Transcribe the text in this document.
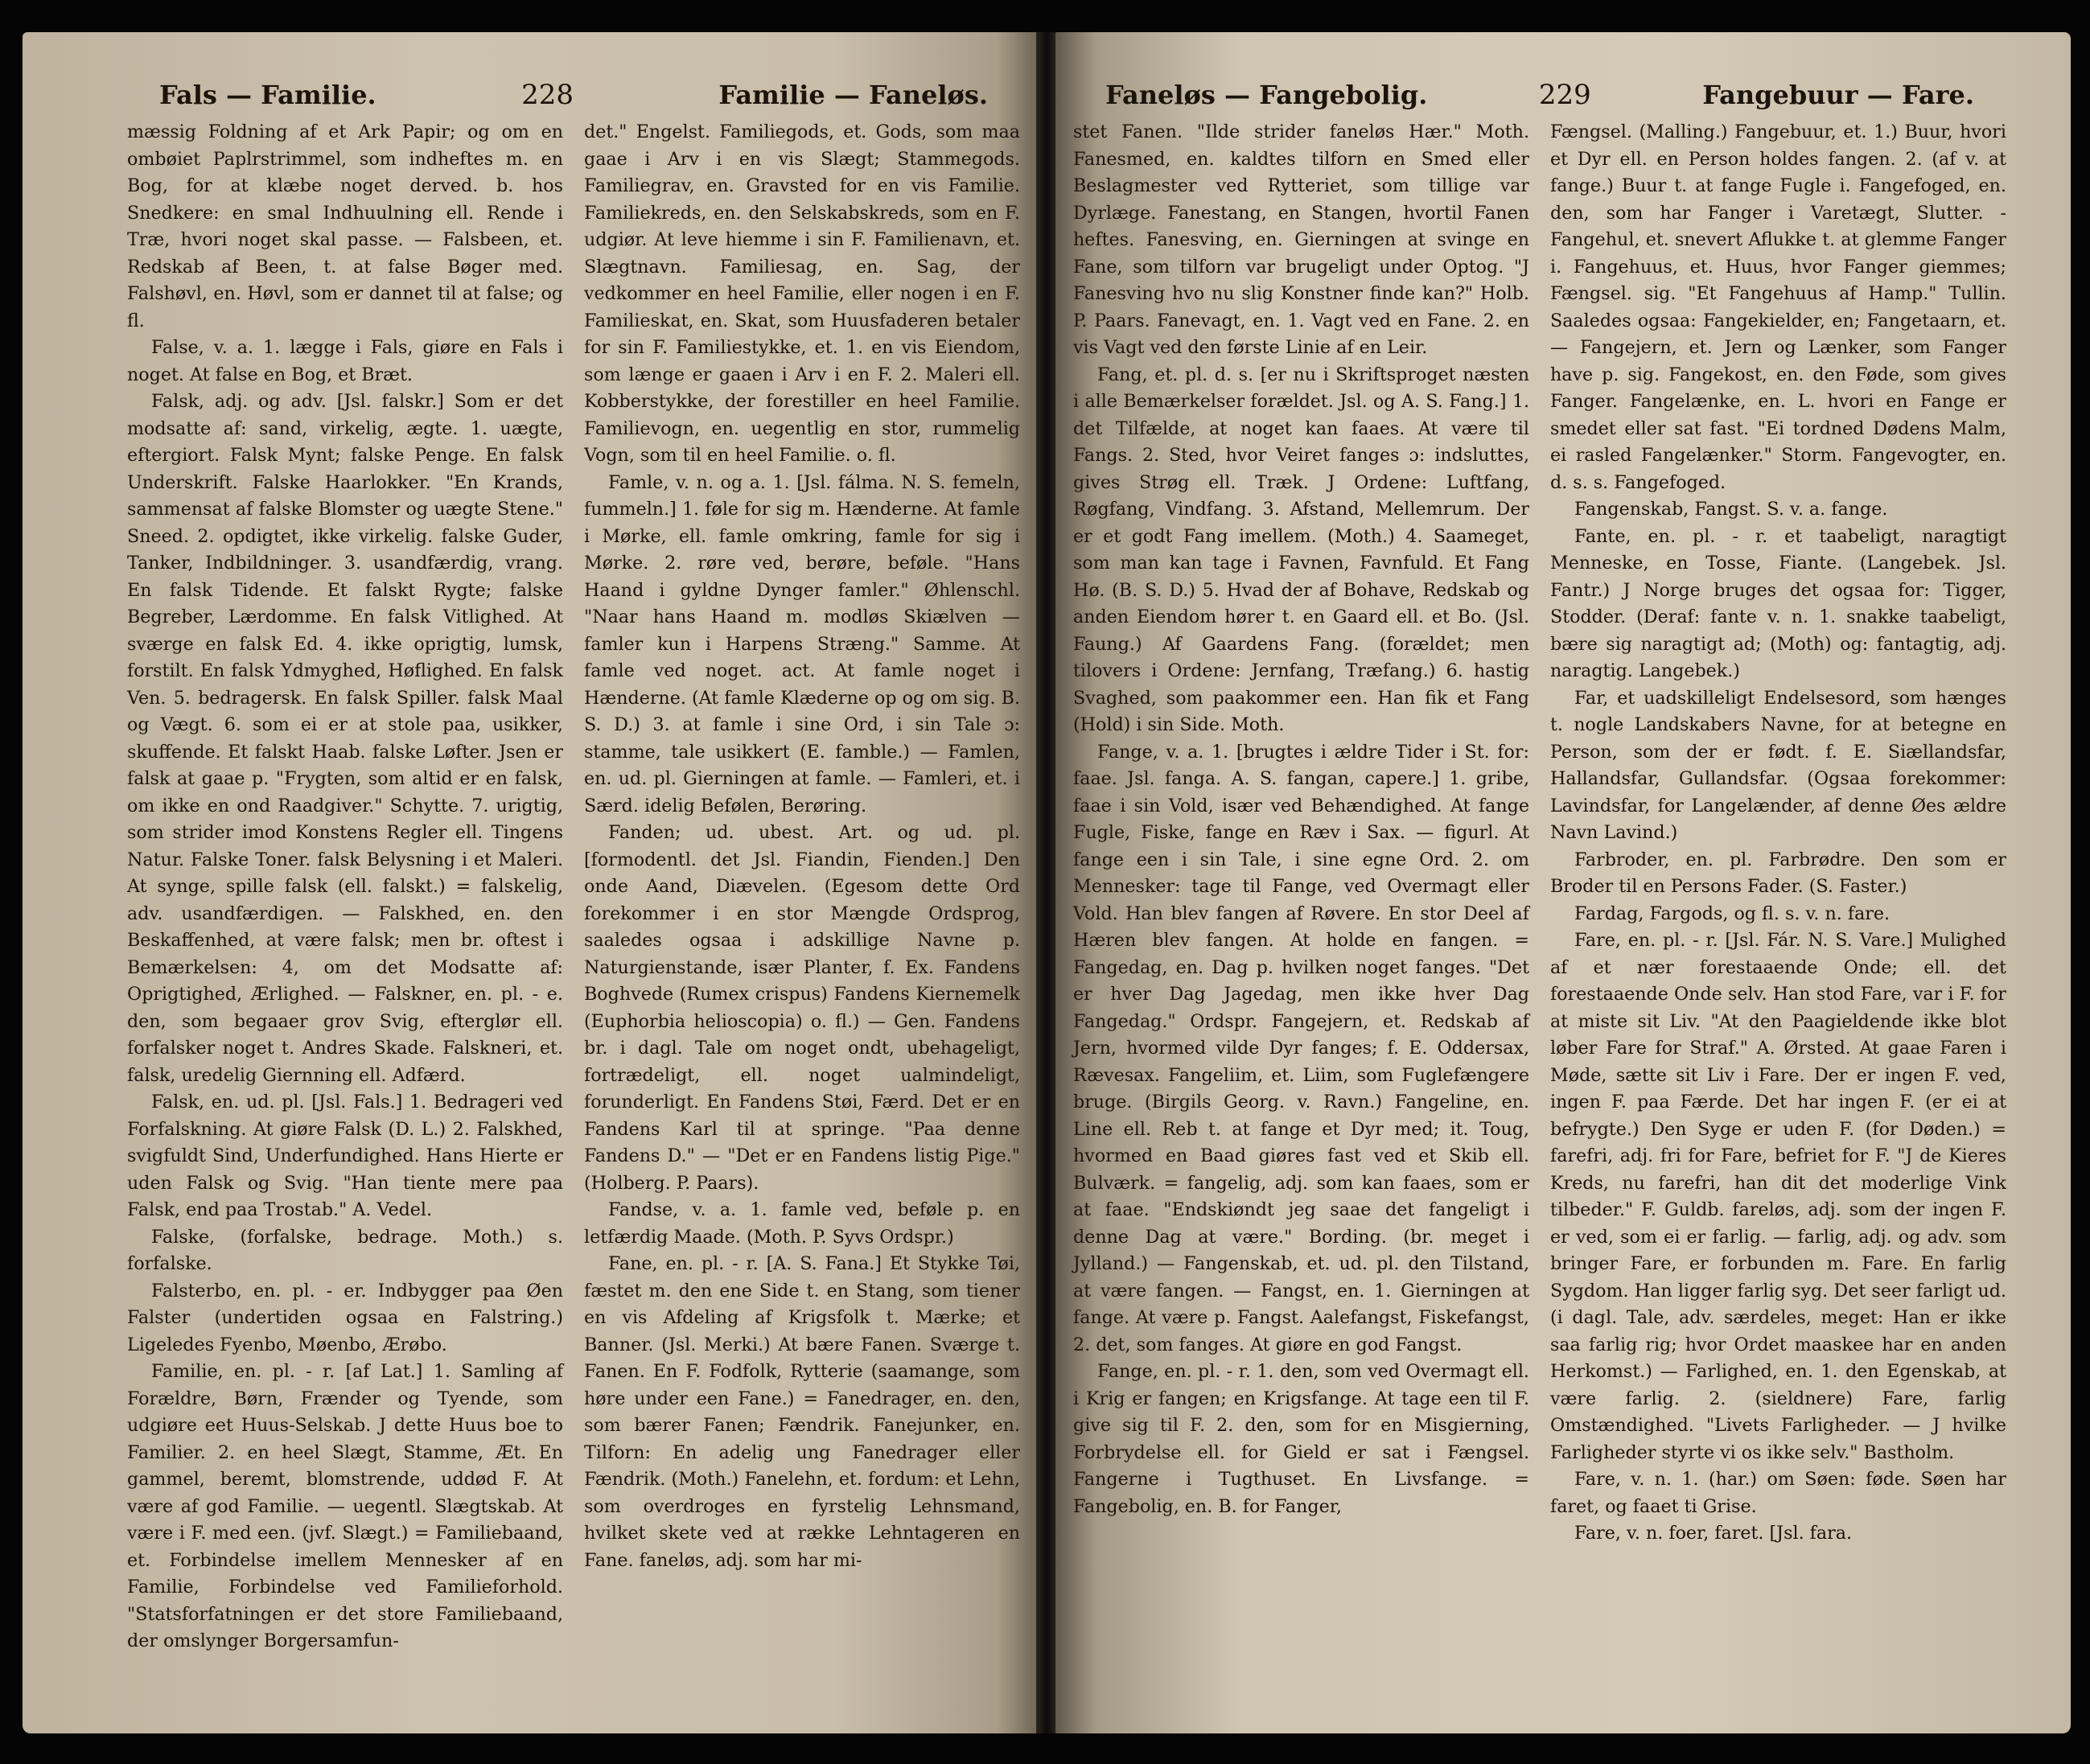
Fals — Familie.	228	Familie — Faneløs.

mæssig Foldning af et Ark Papir; og om en ombøiet Paplrstrimmel, som indheftes m. en Bog, for at klæbe noget derved. b. hos Snedkere: en smal Indhuulning ell. Rende i Træ, hvori noget skal passe. — Falsbeen, et. Redskab af Been, t. at false Bøger med. Falshøvl, en. Høvl, som er dannet til at false; og fl.

False, v. a. 1. lægge i Fals, giøre en Fals i noget. At false en Bog, et Bræt.

Falsk, adj. og adv. [Jsl. falskr.] Som er det modsatte af: sand, virkelig, ægte. 1. uægte, eftergiort. Falsk Mynt; falske Penge. En falsk Underskrift. Falske Haarlokker. "En Krands, sammensat af falske Blomster og uægte Stene." Sneed. 2. opdigtet, ikke virkelig. falske Guder, Tanker, Indbildninger. 3. usandfærdig, vrang. En falsk Tidende. Et falskt Rygte; falske Begreber, Lærdomme. En falsk Vitlighed. At sværge en falsk Ed. 4. ikke oprigtig, lumsk, forstilt. En falsk Ydmyghed, Høflighed. En falsk Ven. 5. bedragersk. En falsk Spiller. falsk Maal og Vægt. 6. som ei er at stole paa, usikker, skuffende. Et falskt Haab. falske Løfter. Jsen er falsk at gaae p. "Frygten, som altid er en falsk, om ikke en ond Raadgiver." Schytte. 7. urigtig, som strider imod Konstens Regler ell. Tingens Natur. Falske Toner. falsk Belysning i et Maleri. At synge, spille falsk (ell. falskt.) = falskelig, adv. usandfærdigen. — Falskhed, en. den Beskaffenhed, at være falsk; men br. oftest i Bemærkelsen: 4, om det Modsatte af: Oprigtighed, Ærlighed. — Falskner, en. pl. - e. den, som begaaer grov Svig, efterglør ell. forfalsker noget t. Andres Skade. Falskneri, et. falsk, uredelig Giernning ell. Adfærd.

Falsk, en. ud. pl. [Jsl. Fals.] 1. Bedrageri ved Forfalskning. At giøre Falsk (D. L.) 2. Falskhed, svigfuldt Sind, Underfundighed. Hans Hierte er uden Falsk og Svig. "Han tiente mere paa Falsk, end paa Trostab." A. Vedel.

Falske, (forfalske, bedrage. Moth.) s. forfalske.

Falsterbo, en. pl. - er. Indbygger paa Øen Falster (undertiden ogsaa en Falstring.) Ligeledes Fyenbo, Møenbo, Ærøbo.

Familie, en. pl. - r. [af Lat.] 1. Samling af Forældre, Børn, Frænder og Tyende, som udgiøre eet Huus-Selskab. J dette Huus boe to Familier. 2. en heel Slægt, Stamme, Æt. En gammel, beremt, blomstrende, uddød F. At være af god Familie. — uegentl. Slægtskab. At være i F. med een. (jvf. Slægt.) = Familiebaand, et. Forbindelse imellem Mennesker af en Familie, Forbindelse ved Familieforhold. "Statsforfatningen er det store Familiebaand, der omslynger Borgersamfun-

det." Engelst. Familiegods, et. Gods, som maa gaae i Arv i en vis Slægt; Stammegods. Familiegrav, en. Gravsted for en vis Familie. Familiekreds, en. den Selskabskreds, som en F. udgiør. At leve hiemme i sin F. Familienavn, et. Slægtnavn. Familiesag, en. Sag, der vedkommer en heel Familie, eller nogen i en F. Familieskat, en. Skat, som Huusfaderen betaler for sin F. Familiestykke, et. 1. en vis Eiendom, som længe er gaaen i Arv i en F. 2. Maleri ell. Kobberstykke, der forestiller en heel Familie. Familievogn, en. uegentlig en stor, rummelig Vogn, som til en heel Familie. o. fl.

Famle, v. n. og a. 1. [Jsl. fálma. N. S. femeln, fummeln.] 1. føle for sig m. Hænderne. At famle i Mørke, ell. famle omkring, famle for sig i Mørke. 2. røre ved, berøre, beføle. "Hans Haand i gyldne Dynger famler." Øhlenschl. "Naar hans Haand m. modløs Skiælven — famler kun i Harpens Stræng." Samme. At famle ved noget. act. At famle noget i Hænderne. (At famle Klæderne op og om sig. B. S. D.) 3. at famle i sine Ord, i sin Tale ɔ: stamme, tale usikkert (E. famble.) — Famlen, en. ud. pl. Gierningen at famle. — Famleri, et. i Særd. idelig Befølen, Berøring.

Fanden; ud. ubest. Art. og ud. pl. [formodentl. det Jsl. Fiandin, Fienden.] Den onde Aand, Diævelen. (Egesom dette Ord forekommer i en stor Mængde Ordsprog, saaledes ogsaa i adskillige Navne p. Naturgienstande, især Planter, f. Ex. Fandens Boghvede (Rumex crispus) Fandens Kiernemelk (Euphorbia helioscopia) o. fl.) — Gen. Fandens br. i dagl. Tale om noget ondt, ubehageligt, fortrædeligt, ell. noget ualmindeligt, forunderligt. En Fandens Støi, Færd. Det er en Fandens Karl til at springe. "Paa denne Fandens D." — "Det er en Fandens listig Pige." (Holberg. P. Paars).

Fandse, v. a. 1. famle ved, beføle p. en letfærdig Maade. (Moth. P. Syvs Ordspr.)

Fane, en. pl. - r. [A. S. Fana.] Et Stykke Tøi, fæstet m. den ene Side t. en Stang, som tiener en vis Afdeling af Krigsfolk t. Mærke; et Banner. (Jsl. Merki.) At bære Fanen. Sværge t. Fanen. En F. Fodfolk, Rytterie (saamange, som høre under een Fane.) = Fanedrager, en. den, som bærer Fanen; Fændrik. Fanejunker, en. Tilforn: En adelig ung Fanedrager eller Fændrik. (Moth.) Fanelehn, et. fordum: et Lehn, som overdroges en fyrstelig Lehnsmand, hvilket skete ved at række Lehntageren en Fane. faneløs, adj. som har mi-

Faneløs — Fangebolig.	229	Fangebuur — Fare.

stet Fanen. "Ilde strider faneløs Hær." Moth. Fanesmed, en. kaldtes tilforn en Smed eller Beslagmester ved Rytteriet, som tillige var Dyrlæge. Fanestang, en Stangen, hvortil Fanen heftes. Fanesving, en. Gierningen at svinge en Fane, som tilforn var brugeligt under Optog. "J Fanesving hvo nu slig Konstner finde kan?" Holb. P. Paars. Fanevagt, en. 1. Vagt ved en Fane. 2. en vis Vagt ved den første Linie af en Leir.

Fang, et. pl. d. s. [er nu i Skriftsproget næsten i alle Bemærkelser forældet. Jsl. og A. S. Fang.] 1. det Tilfælde, at noget kan faaes. At være til Fangs. 2. Sted, hvor Veiret fanges ɔ: indsluttes, gives Strøg ell. Træk. J Ordene: Luftfang, Røgfang, Vindfang. 3. Afstand, Mellemrum. Der er et godt Fang imellem. (Moth.) 4. Saameget, som man kan tage i Favnen, Favnfuld. Et Fang Hø. (B. S. D.) 5. Hvad der af Bohave, Redskab og anden Eiendom hører t. en Gaard ell. et Bo. (Jsl. Faung.) Af Gaardens Fang. (forældet; men tilovers i Ordene: Jernfang, Træfang.) 6. hastig Svaghed, som paakommer een. Han fik et Fang (Hold) i sin Side. Moth.

Fange, v. a. 1. [brugtes i ældre Tider i St. for: faae. Jsl. fanga. A. S. fangan, capere.] 1. gribe, faae i sin Vold, især ved Behændighed. At fange Fugle, Fiske, fange en Ræv i Sax. — figurl. At fange een i sin Tale, i sine egne Ord. 2. om Mennesker: tage til Fange, ved Overmagt eller Vold. Han blev fangen af Røvere. En stor Deel af Hæren blev fangen. At holde en fangen. = Fangedag, en. Dag p. hvilken noget fanges. "Det er hver Dag Jagedag, men ikke hver Dag Fangedag." Ordspr. Fangejern, et. Redskab af Jern, hvormed vilde Dyr fanges; f. E. Oddersax, Rævesax. Fangeliim, et. Liim, som Fuglefængere bruge. (Birgils Georg. v. Ravn.) Fangeline, en. Line ell. Reb t. at fange et Dyr med; it. Toug, hvormed en Baad giøres fast ved et Skib ell. Bulværk. = fangelig, adj. som kan faaes, som er at faae. "Endskiøndt jeg saae det fangeligt i denne Dag at være." Bording. (br. meget i Jylland.) — Fangenskab, et. ud. pl. den Tilstand, at være fangen. — Fangst, en. 1. Gierningen at fange. At være p. Fangst. Aalefangst, Fiskefangst, 2. det, som fanges. At giøre en god Fangst.

Fange, en. pl. - r. 1. den, som ved Overmagt ell. i Krig er fangen; en Krigsfange. At tage een til F. give sig til F. 2. den, som for en Misgierning, Forbrydelse ell. for Gield er sat i Fængsel. Fangerne i Tugthuset. En Livsfange. = Fangebolig, en. B. for Fanger,

Fængsel. (Malling.) Fangebuur, et. 1.) Buur, hvori et Dyr ell. en Person holdes fangen. 2. (af v. at fange.) Buur t. at fange Fugle i. Fangefoged, en. den, som har Fanger i Varetægt, Slutter. - Fangehul, et. snevert Aflukke t. at glemme Fanger i. Fangehuus, et. Huus, hvor Fanger giemmes; Fængsel. sig. "Et Fangehuus af Hamp." Tullin. Saaledes ogsaa: Fangekielder, en; Fangetaarn, et. — Fangejern, et. Jern og Lænker, som Fanger have p. sig. Fangekost, en. den Føde, som gives Fanger. Fangelænke, en. L. hvori en Fange er smedet eller sat fast. "Ei tordned Dødens Malm, ei rasled Fangelænker." Storm. Fangevogter, en. d. s. s. Fangefoged.

Fangenskab, Fangst. S. v. a. fange.

Fante, en. pl. - r. et taabeligt, naragtigt Menneske, en Tosse, Fiante. (Langebek. Jsl. Fantr.) J Norge bruges det ogsaa for: Tigger, Stodder. (Deraf: fante v. n. 1. snakke taabeligt, bære sig naragtigt ad; (Moth) og: fantagtig, adj. naragtig. Langebek.)

Far, et uadskilleligt Endelsesord, som hænges t. nogle Landskabers Navne, for at betegne en Person, som der er født. f. E. Siællandsfar, Hallandsfar, Gullandsfar. (Ogsaa forekommer: Lavindsfar, for Langelænder, af denne Øes ældre Navn Lavind.)

Farbroder, en. pl. Farbrødre. Den som er Broder til en Persons Fader. (S. Faster.)

Fardag, Fargods, og fl. s. v. n. fare.

Fare, en. pl. - r. [Jsl. Fár. N. S. Vare.] Mulighed af et nær forestaaende Onde; ell. det forestaaende Onde selv. Han stod Fare, var i F. for at miste sit Liv. "At den Paagieldende ikke blot løber Fare for Straf." A. Ørsted. At gaae Faren i Møde, sætte sit Liv i Fare. Der er ingen F. ved, ingen F. paa Færde. Det har ingen F. (er ei at befrygte.) Den Syge er uden F. (for Døden.) = farefri, adj. fri for Fare, befriet for F. "J de Kieres Kreds, nu farefri, han dit det moderlige Vink tilbeder." F. Guldb. fareløs, adj. som der ingen F. er ved, som ei er farlig. — farlig, adj. og adv. som bringer Fare, er forbunden m. Fare. En farlig Sygdom. Han ligger farlig syg. Det seer farligt ud. (i dagl. Tale, adv. særdeles, meget: Han er ikke saa farlig rig; hvor Ordet maaskee har en anden Herkomst.) — Farlighed, en. 1. den Egenskab, at være farlig. 2. (sieldnere) Fare, farlig Omstændighed. "Livets Farligheder. — J hvilke Farligheder styrte vi os ikke selv." Bastholm.

Fare, v. n. 1. (har.) om Søen: føde. Søen har faret, og faaet ti Grise.

Fare, v. n. foer, faret. [Jsl. fara.
